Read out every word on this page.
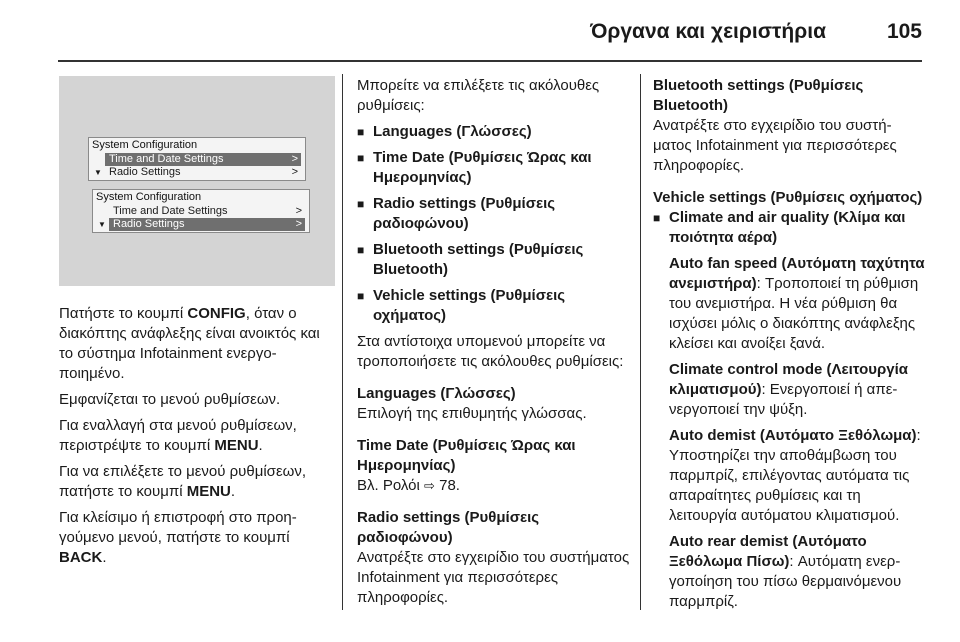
Όργανα και χειριστήρια	105
System Configuration
Time and Date Settings	>
▼ Radio Settings	>
System Configuration
Time and Date Settings	>
▼ Radio Settings	>

Πατήστε το κουμπί CONFIG, όταν ο διακόπτης ανάφλεξης είναι ανοικτός και το σύστημα Infotainment ενεργοποιημένο.

Εμφανίζεται το μενού ρυθμίσεων.

Για εναλλαγή στα μενού ρυθμίσεων, περιστρέψτε το κουμπί MENU.

Για να επιλέξετε το μενού ρυθμίσεων, πατήστε το κουμπί MENU.

Για κλείσιμο ή επιστροφή στο προηγούμενο μενού, πατήστε το κουμπί BACK.

Μπορείτε να επιλέξετε τις ακόλουθες ρυθμίσεις:

■ Languages (Γλώσσες)
■ Time Date (Ρυθμίσεις Ώρας και Ημερομηνίας)
■ Radio settings (Ρυθμίσεις ραδιοφώνου)
■ Bluetooth settings (Ρυθμίσεις Bluetooth)
■ Vehicle settings (Ρυθμίσεις οχήματος)

Στα αντίστοιχα υπομενού μπορείτε να τροποποιήσετε τις ακόλουθες ρυθμίσεις:

Languages (Γλώσσες)

Επιλογή της επιθυμητής γλώσσας.

Time Date (Ρυθμίσεις Ώρας και Ημερομηνίας)

Βλ. Ρολόι ⇨ 78.

Radio settings (Ρυθμίσεις ραδιοφώνου)

Ανατρέξτε στο εγχειρίδιο του συστήματος Infotainment για περισσότερες πληροφορίες.

Bluetooth settings (Ρυθμίσεις Bluetooth)

Ανατρέξτε στο εγχειρίδιο του συστήματος Infotainment για περισσότερες πληροφορίες.

Vehicle settings (Ρυθμίσεις οχήματος)
■ Climate and air quality (Κλίμα και ποιότητα αέρα)

Auto fan speed (Αυτόματη ταχύτητα ανεμιστήρα): Τροποποιεί τη ρύθμιση του ανεμιστήρα. Η νέα ρύθμιση θα ισχύσει μόλις ο διακόπτης ανάφλεξης κλείσει και ανοίξει ξανά.

Climate control mode (Λειτουργία κλιματισμού): Ενεργοποιεί ή απενεργοποιεί την ψύξη.

Auto demist (Αυτόματο Ξεθόλωμα): Υποστηρίζει την αποθάμβωση του παρμπρίζ, επιλέγοντας αυτόματα τις απαραίτητες ρυθμίσεις και τη λειτουργία αυτόματου κλιματισμού.

Auto rear demist (Αυτόματο Ξεθόλωμα Πίσω): Αυτόματη ενεργοποίηση του πίσω θερμαινόμενου παρμπρίζ.
